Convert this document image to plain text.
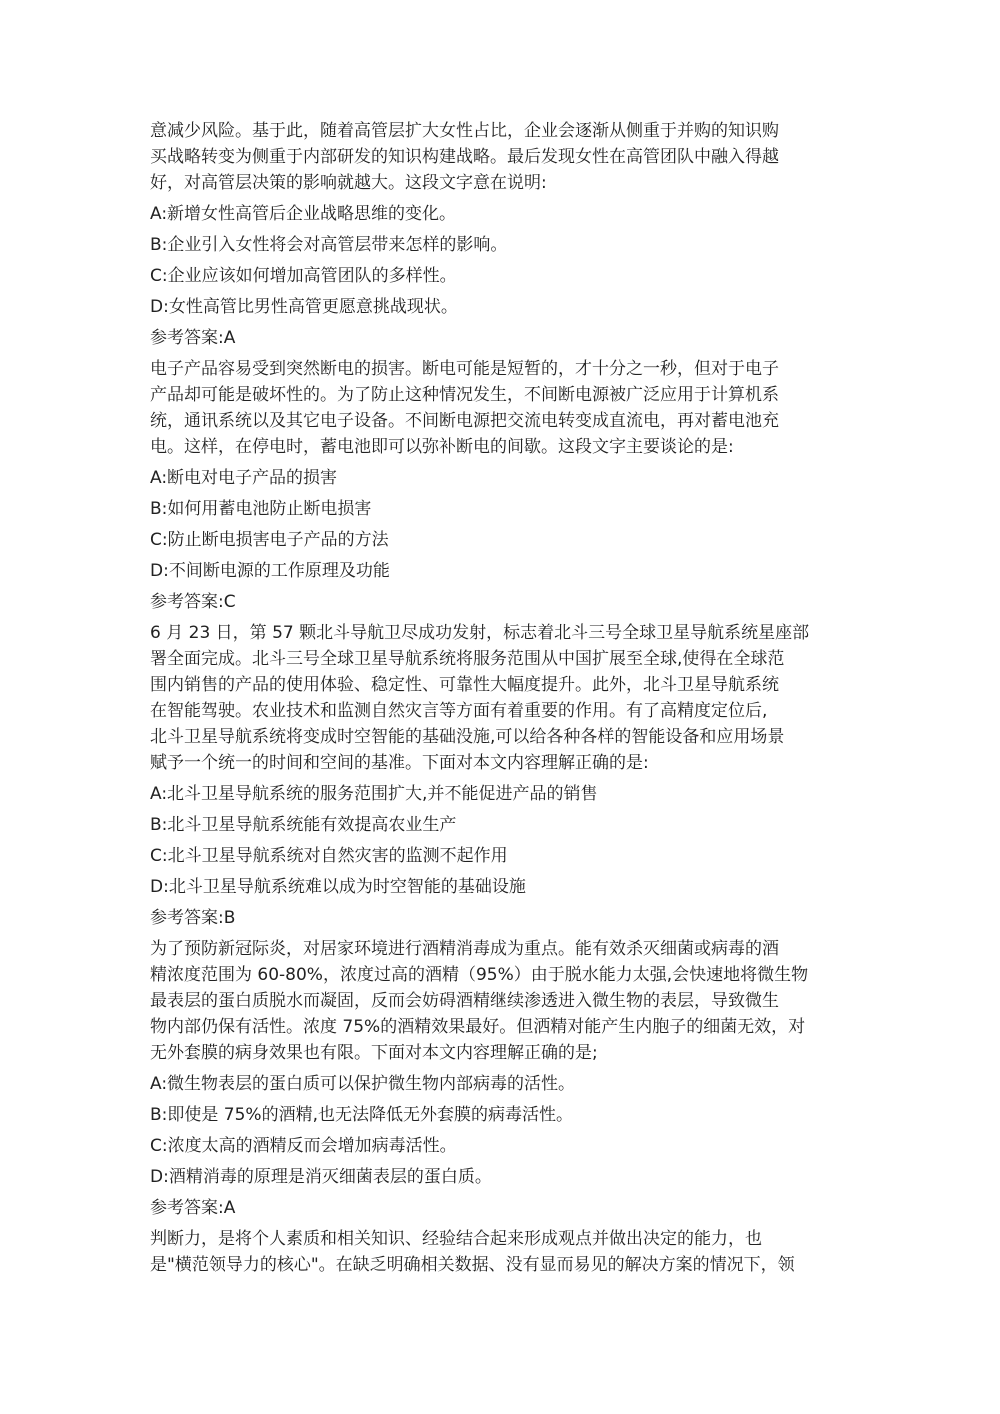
意减少风险。基于此，随着高管层扩大女性占比，企业会逐渐从侧重于并购的知识购
买战略转变为侧重于内部研发的知识构建战略。最后发现女性在高管团队中融入得越
好，对高管层决策的影响就越大。这段文字意在说明:

A:新增女性高管后企业战略思维的变化。

B:企业引入女性将会对高管层带来怎样的影响。

C:企业应该如何增加高管团队的多样性。

D:女性高管比男性高管更愿意挑战现状。

参考答案:A

电子产品容易受到突然断电的损害。断电可能是短暂的，才十分之一秒，但对于电子
产品却可能是破坏性的。为了防止这种情况发生，不间断电源被广泛应用于计算机系
统，通讯系统以及其它电子设备。不间断电源把交流电转变成直流电，再对蓄电池充
电。这样，在停电时，蓄电池即可以弥补断电的间歇。这段文字主要谈论的是:

A:断电对电子产品的损害

B:如何用蓄电池防止断电损害

C:防止断电损害电子产品的方法

D:不间断电源的工作原理及功能

参考答案:C

6 月 23 日，第 57 颗北斗导航卫尽成功发射，标志着北斗三号全球卫星导航系统星座部
署全面完成。北斗三号全球卫星导航系统将服务范围从中国扩展至全球,使得在全球范
围内销售的产品的使用体验、稳定性、可靠性大幅度提升。此外，北斗卫星导航系统
在智能驾驶。农业技术和监测自然灾言等方面有着重要的作用。有了高精度定位后,
北斗卫星导航系统将变成时空智能的基础没施,可以给各种各样的智能设备和应用场景
赋予一个统一的时间和空间的基准。下面对本文内容理解正确的是:

A:北斗卫星导航系统的服务范围扩大,并不能促进产品的销售

B:北斗卫星导航系统能有效提高农业生产

C:北斗卫星导航系统对自然灾害的监测不起作用

D:北斗卫星导航系统难以成为时空智能的基础设施

参考答案:B

为了预防新冠际炎，对居家环境进行酒精消毒成为重点。能有效杀灭细菌或病毒的酒
精浓度范围为 60-80%，浓度过高的酒精（95%）由于脱水能力太强,会快速地将微生物
最表层的蛋白质脱水而凝固，反而会妨碍酒精继续渗透进入微生物的表层，导致微生
物内部仍保有活性。浓度 75%的酒精效果最好。但洒精对能产生内胞子的细菌无效，对
无外套膜的病身效果也有限。下面对本文内容理解正确的是;

A:微生物表层的蛋白质可以保护微生物内部病毒的活性。

B:即使是 75%的酒精,也无法降低无外套膜的病毒活性。

C:浓度太高的酒精反而会增加病毒活性。

D:酒精消毒的原理是消灭细菌表层的蛋白质。

参考答案:A

判断力，是将个人素质和相关知识、经验结合起来形成观点并做出决定的能力，也
是"横范领导力的核心"。在缺乏明确相关数据、没有显而易见的解决方案的情况下，领
